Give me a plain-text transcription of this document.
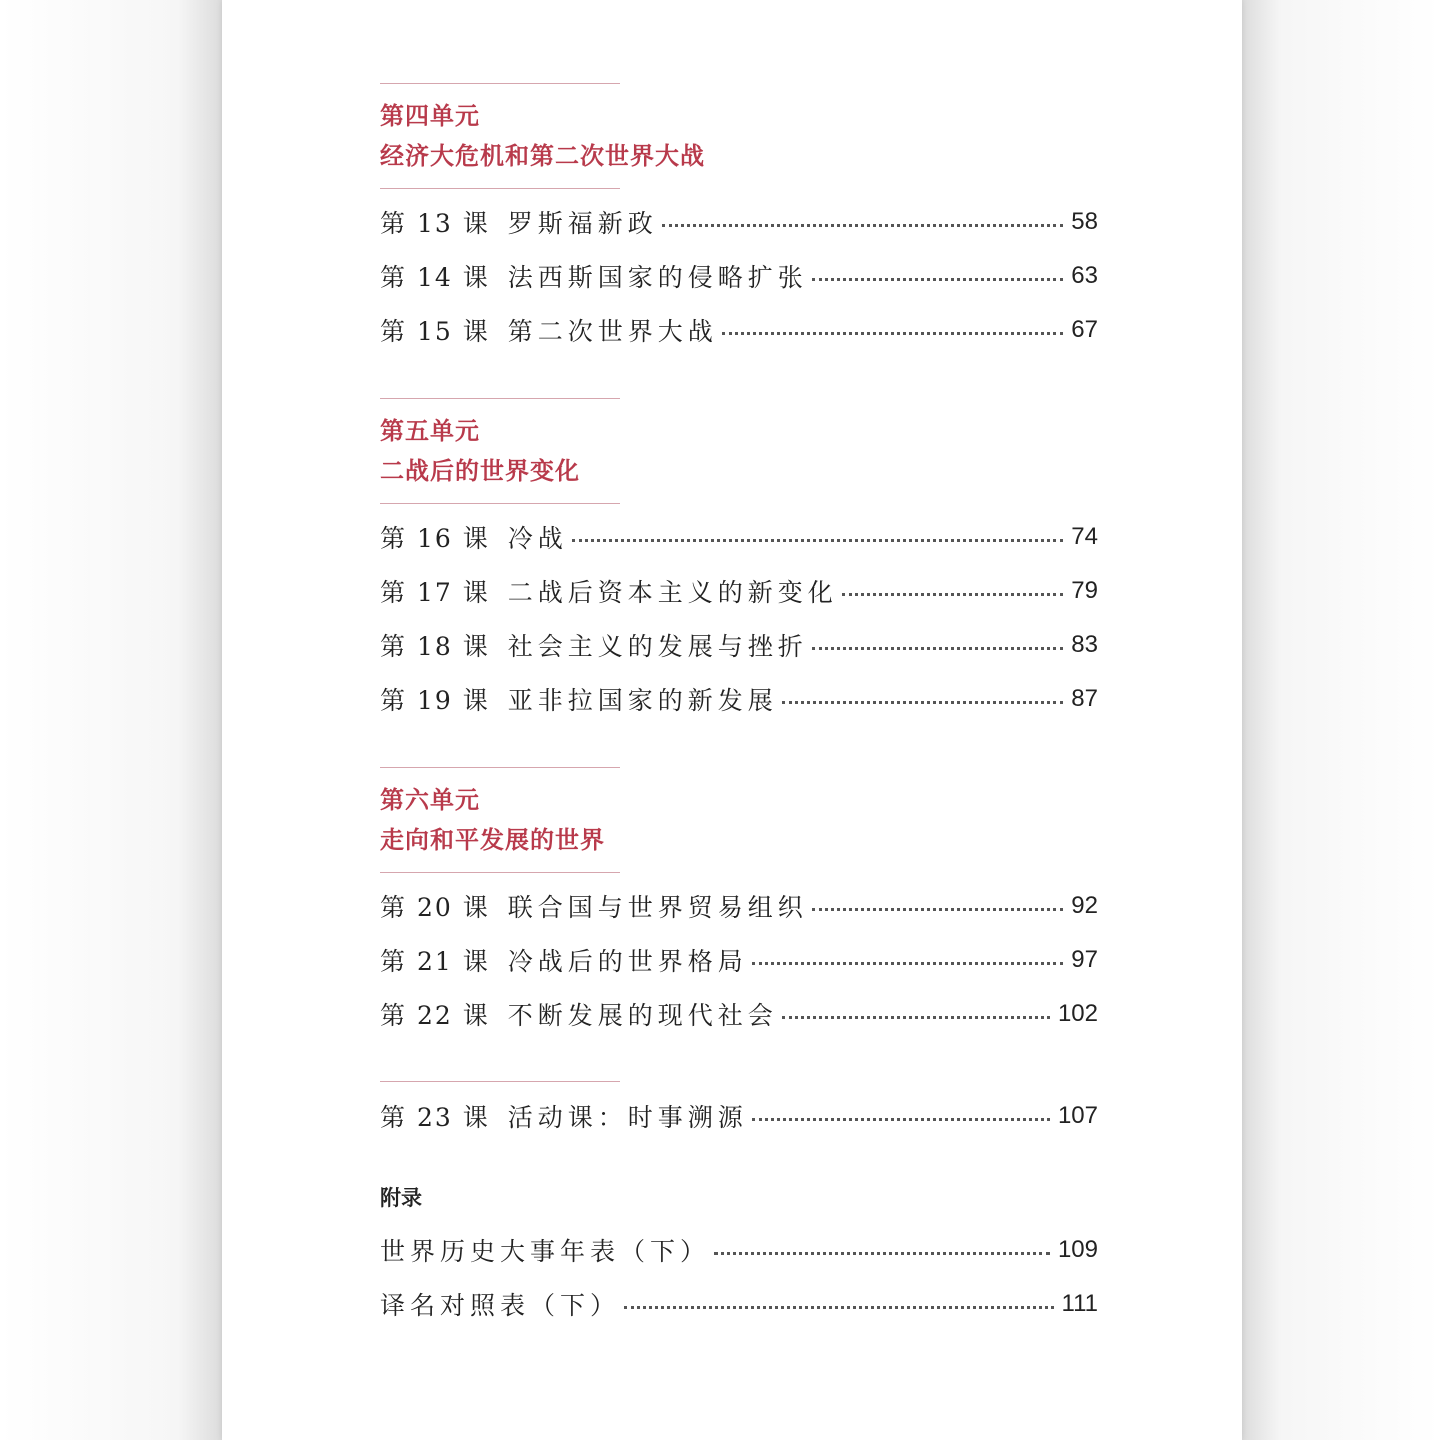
第四单元
经济大危机和第二次世界大战
第 13 课 罗斯福新政	58
第 14 课 法西斯国家的侵略扩张	63
第 15 课 第二次世界大战	67
第五单元
二战后的世界变化
第 16 课 冷战	74
第 17 课 二战后资本主义的新变化	79
第 18 课 社会主义的发展与挫折	83
第 19 课 亚非拉国家的新发展	87
第六单元
走向和平发展的世界
第 20 课 联合国与世界贸易组织	92
第 21 课 冷战后的世界格局	97
第 22 课 不断发展的现代社会	102
第 23 课 活动课：时事溯源	107
附录
世界历史大事年表（下）	109
译名对照表（下）	111
